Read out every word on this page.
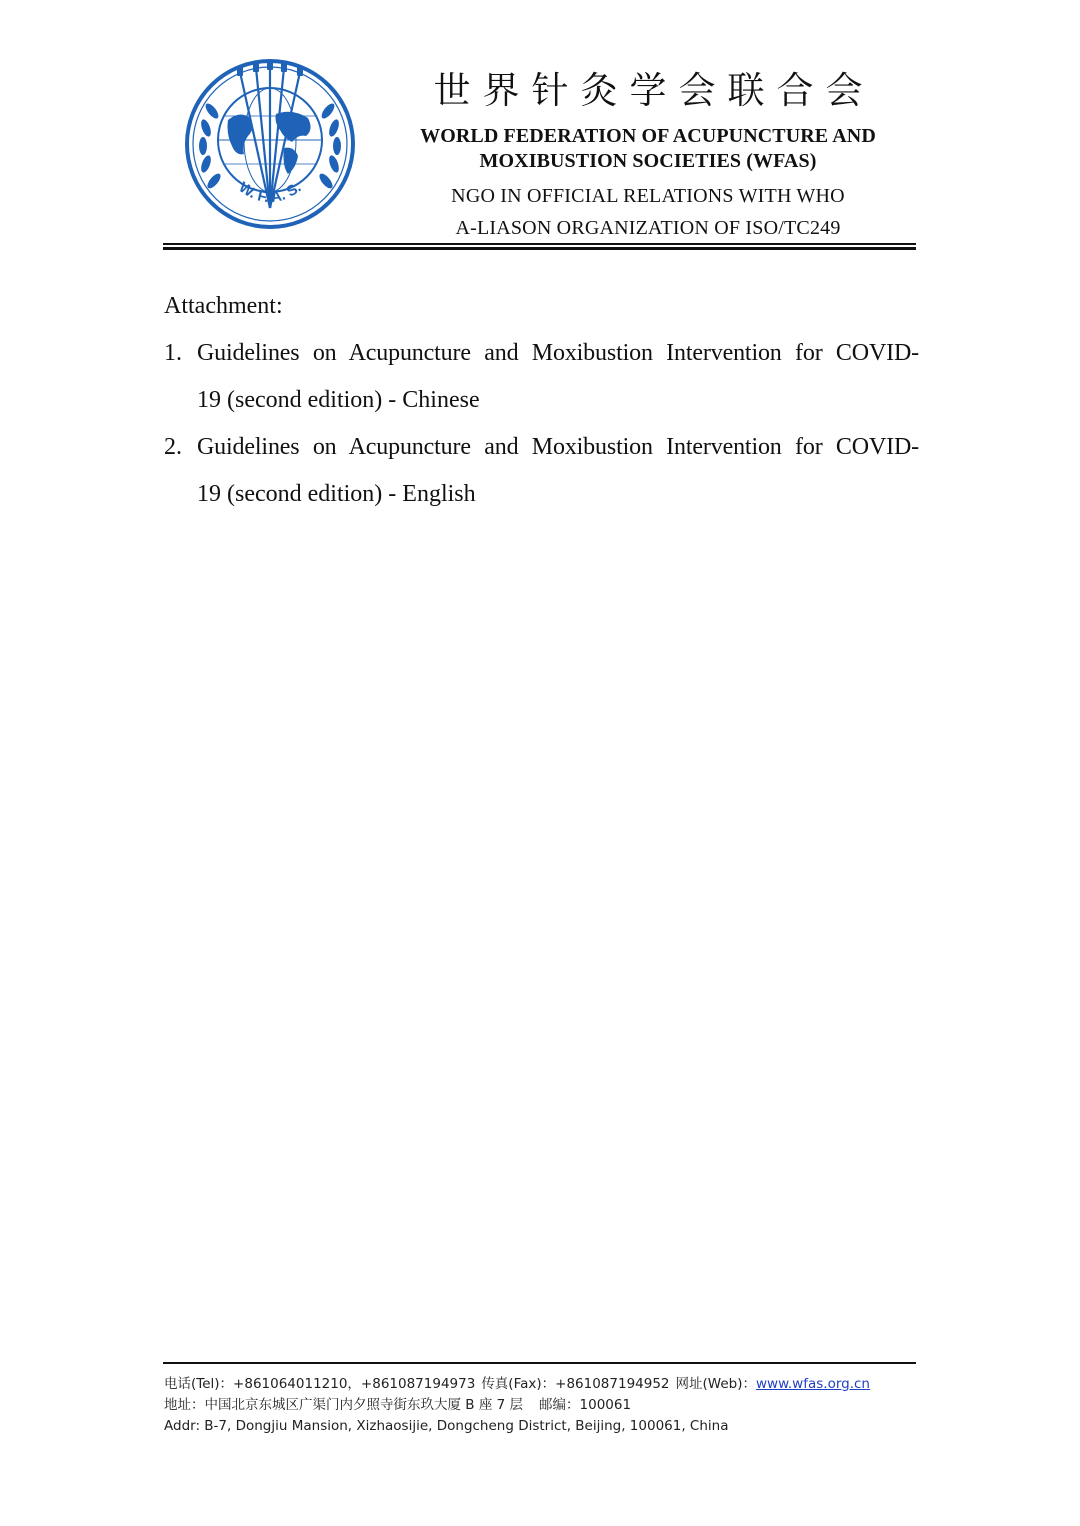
W. F. A. S.
世界针灸学会联合会
WORLD FEDERATION OF ACUPUNCTURE AND
MOXIBUSTION SOCIETIES (WFAS)
NGO IN OFFICIAL RELATIONS WITH WHO
A-LIASON ORGANIZATION OF ISO/TC249

Attachment:

1. Guidelines on Acupuncture and Moxibustion Intervention for COVID-
19 (second edition) - Chinese
2. Guidelines on Acupuncture and Moxibustion Intervention for COVID-
19 (second edition) - English
电话(Tel)：+861064011210，+861087194973 传真(Fax)：+861087194952 网址(Web)：www.wfas.org.cn
地址：中国北京东城区广渠门内夕照寺街东玖大厦 B 座 7 层 邮编：100061
Addr: B-7, Dongjiu Mansion, Xizhaosijie, Dongcheng District, Beijing, 100061, China
